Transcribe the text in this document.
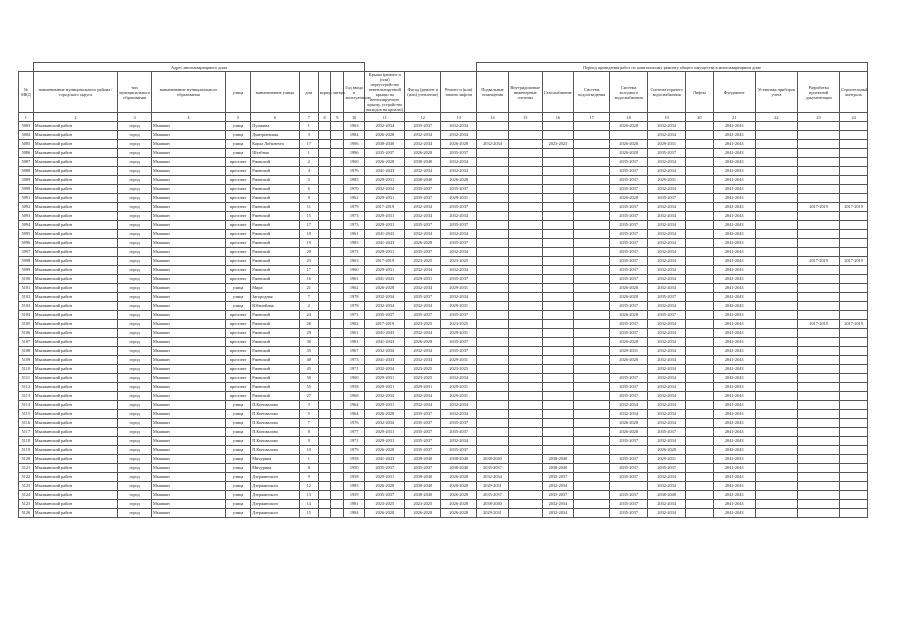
	Адрес многоквартирного дома												Период проведения работ по капитальному ремонту общего имущества в многоквартирном доме										
№ МКД	наименование муниципального района / городского округа	тип муниципального образования	наименование муниципального образования	улица	наименование улицы	дом	корпус	литера	Год ввода в эксплуатацию	Крыша (ремонт и (или) переустройство невентилируемой крыши на вентилируемую крышу, устройство выходов на кровлю)	Фасад (ремонт и (или) утепление)	Ремонт и (или) замена лифтов	Подвальные помещения	Внутридомовые инженерные системы	Газоснабжение	Система водоотведения	Система холодного водоснабжения	Система горячего водоснабжения	Лифты	Фундамент	Установка приборов учета	Разработка проектной документации	Строительный контроль
1	2	3	4	5	6	7	8	9	10	11	12	13	14	15	16	17	18	19	20	21	22	23	24
5083	Мышкинский район	город	Мышкин	улица	Пушкина	1			1963	2032-2034	2035-2037	2032-2034					2026-2028	2032-2034		2041-2043			
5084	Мышкинский район	город	Мышкин	улица	Дмитриевская	3			1984	2026-2028	2032-2034	2032-2034						2032-2034		2041-2043			
5085	Мышкинский район	город	Мышкин	улица	Карла Либкнехта	17			1986	2038-2040	2032-2034	2026-2028	2032-2034		2023-2025		2026-2028	2029-2031		2041-2043			
5086	Мышкинский район	город	Мышкин	улица	Штабная	1			1986	2035-2037	2026-2028	2035-2037					2026-2028	2035-2037		2041-2043			
5087	Мышкинский район	город	Мышкин	проспект	Ржевский	2			1960	2026-2028	2038-2040	2032-2034					2035-2037	2032-2034		2041-2043			
5088	Мышкинский район	город	Мышкин	проспект	Ржевский	4			1976	2041-2043	2032-2034	2032-2034					2035-2037	2032-2034		2041-2043			
5089	Мышкинский район	город	Мышкин	проспект	Ржевский	5			1985	2029-2031	2038-2040	2026-2028					2035-2037	2029-2031		2041-2043			
5090	Мышкинский район	город	Мышкин	проспект	Ржевский	6			1970	2032-2034	2035-2037	2035-2037					2035-2037	2032-2034		2041-2043			
5091	Мышкинский район	город	Мышкин	проспект	Ржевский	9			1962	2029-2031	2035-2037	2029-2031					2026-2028	2035-2037		2041-2043			
5092	Мышкинский район	город	Мышкин	проспект	Ржевский	11			1979	2017-2019	2032-2034	2035-2037					2035-2037	2032-2034		2041-2043		2017-2019	2017-2019
5093	Мышкинский район	город	Мышкин	проспект	Ржевский	15			1973	2029-2031	2032-2034	2032-2034					2035-2037	2032-2034		2041-2043			
5094	Мышкинский район	город	Мышкин	проспект	Ржевский	17			1973	2029-2031	2035-2037	2035-2037					2035-2037	2032-2034		2041-2043			
5095	Мышкинский район	город	Мышкин	проспект	Ржевский	18			1961	2041-2043	2032-2034	2032-2034					2035-2037	2032-2034		2041-2043			
5096	Мышкинский район	город	Мышкин	проспект	Ржевский	19			1985	2041-2043	2026-2028	2035-2037					2035-2037	2032-2034		2041-2043			
5097	Мышкинский район	город	Мышкин	проспект	Ржевский	20			1971	2029-2031	2035-2037	2032-2034					2035-2037	2032-2034		2041-2043			
5098	Мышкинский район	город	Мышкин	проспект	Ржевский	23			1963	2017-2019	2023-2025	2023-2025					2035-2037	2032-2034		2041-2043		2017-2019	2017-2019
5099	Мышкинский район	город	Мышкин	проспект	Ржевский	17			1960	2029-2031	2032-2034	2032-2034					2035-2037	2032-2034		2041-2043			
5100	Мышкинский район	город	Мышкин	проспект	Ржевский	16			1961	2041-2043	2029-2031	2035-2037					2035-2037	2032-2034		2041-2043			
5101	Мышкинский район	город	Мышкин	улица	Мира	21			1962	2026-2028	2032-2034	2029-2031					2026-2028	2032-2034		2041-2043			
5102	Мышкинский район	город	Мышкин	улица	Загородная	7			1978	2032-2034	2035-2037	2032-2034					2026-2028	2035-2037		2041-2043			
5103	Мышкинский район	город	Мышкин	улица	Юбилейная	2			1978	2032-2034	2032-2034	2029-2031					2035-2037	2032-2034		2041-2043			
5104	Мышкинский район	город	Мышкин	проспект	Ржевский	24			1971	2035-2037	2035-2037	2035-2037					2026-2028	2035-2037		2041-2043			
5105	Мышкинский район	город	Мышкин	проспект	Ржевский	26			1982	2017-2019	2023-2025	2023-2025					2035-2037	2032-2034		2041-2043		2017-2019	2017-2019
5106	Мышкинский район	город	Мышкин	проспект	Ржевский	29			1961	2041-2043	2032-2034	2029-2031					2035-2037	2032-2034		2041-2043			
5107	Мышкинский район	город	Мышкин	проспект	Ржевский	30			1981	2041-2043	2026-2028	2035-2037					2026-2028	2032-2034		2041-2043			
5108	Мышкинский район	город	Мышкин	проспект	Ржевский	35			1967	2032-2034	2032-2034	2035-2037					2029-2031	2032-2034		2041-2043			
5109	Мышкинский район	город	Мышкин	проспект	Ржевский	40			1973	2041-2043	2032-2034	2029-2031					2026-2028	2032-2034		2041-2043			
5110	Мышкинский район	город	Мышкин	проспект	Ржевский	45			1971	2032-2034	2023-2025	2023-2025						2032-2034		2041-2043			
5111	Мышкинский район	город	Мышкин	проспект	Ржевский	50			1960	2029-2031	2023-2025	2032-2034					2035-2037	2032-2034		2041-2043			
5112	Мышкинский район	город	Мышкин	проспект	Ржевский	55			1958	2029-2031	2029-2031	2029-2031					2035-2037	2032-2034		2041-2043			
5113	Мышкинский район	город	Мышкин	проспект	Ржевский	27			1968	2032-2034	2032-2034	2029-2031					2035-2037	2032-2034		2041-2043			
5114	Мышкинский район	город	Мышкин	улица	П.Коновалова	3			1964	2029-2031	2032-2034	2032-2034					2032-2034	2032-2034		2041-2043			
5115	Мышкинский район	город	Мышкин	улица	П.Коновалова	5			1964	2026-2028	2035-2037	2032-2034					2032-2034	2032-2034		2041-2043			
5116	Мышкинский район	город	Мышкин	улица	П.Коновалова	7			1976	2032-2034	2035-2037	2035-2037					2026-2028	2032-2034		2041-2043			
5117	Мышкинский район	город	Мышкин	улица	П.Коновалова	8			1977	2029-2031	2035-2037	2035-2037					2026-2028	2035-2037		2041-2043			
5118	Мышкинский район	город	Мышкин	улица	П.Коновалова	9			1971	2029-2031	2035-2037	2032-2034					2035-2037	2032-2034		2041-2043			
5119	Мышкинский район	город	Мышкин	улица	П.Коновалова	10			1979	2026-2028	2035-2037	2035-2037						2026-2028		2041-2043			
5120	Мышкинский район	город	Мышкин	улица	Мичурина	1			1958	2041-2043	2038-2040	2038-2040	2038-2040		2038-2040		2035-2037	2029-2031		2041-2043			
5121	Мышкинский район	город	Мышкин	улица	Мичурина	8			1950	2035-2037	2035-2037	2038-2040	2035-2037		2038-2040		2035-2037	2035-2037		2041-2043			
5122	Мышкинский район	город	Мышкин	улица	Дзержинского	9			1958	2029-2031	2038-2040	2026-2028	2032-2034		2035-2037		2035-2037	2032-2034		2041-2043			
5123	Мышкинский район	город	Мышкин	улица	Дзержинского	12			1985	2026-2028	2038-2040	2026-2028	2029-2031		2032-2034			2032-2034		2041-2043			
5124	Мышкинский район	город	Мышкин	улица	Дзержинского	13			1959	2035-2037	2038-2040	2026-2028	2035-2037		2035-2037		2035-2037	2038-2040		2041-2043			
5125	Мышкинский район	город	Мышкин	улица	Дзержинского	14			1981	2023-2025	2023-2025	2026-2028	2038-2040		2032-2034		2035-2037	2032-2034		2041-2043			
5126	Мышкинский район	город	Мышкин	улица	Дзержинского	15			1984	2026-2028	2026-2028	2026-2028	2029-2031		2032-2034		2035-2037	2032-2034		2041-2043			
